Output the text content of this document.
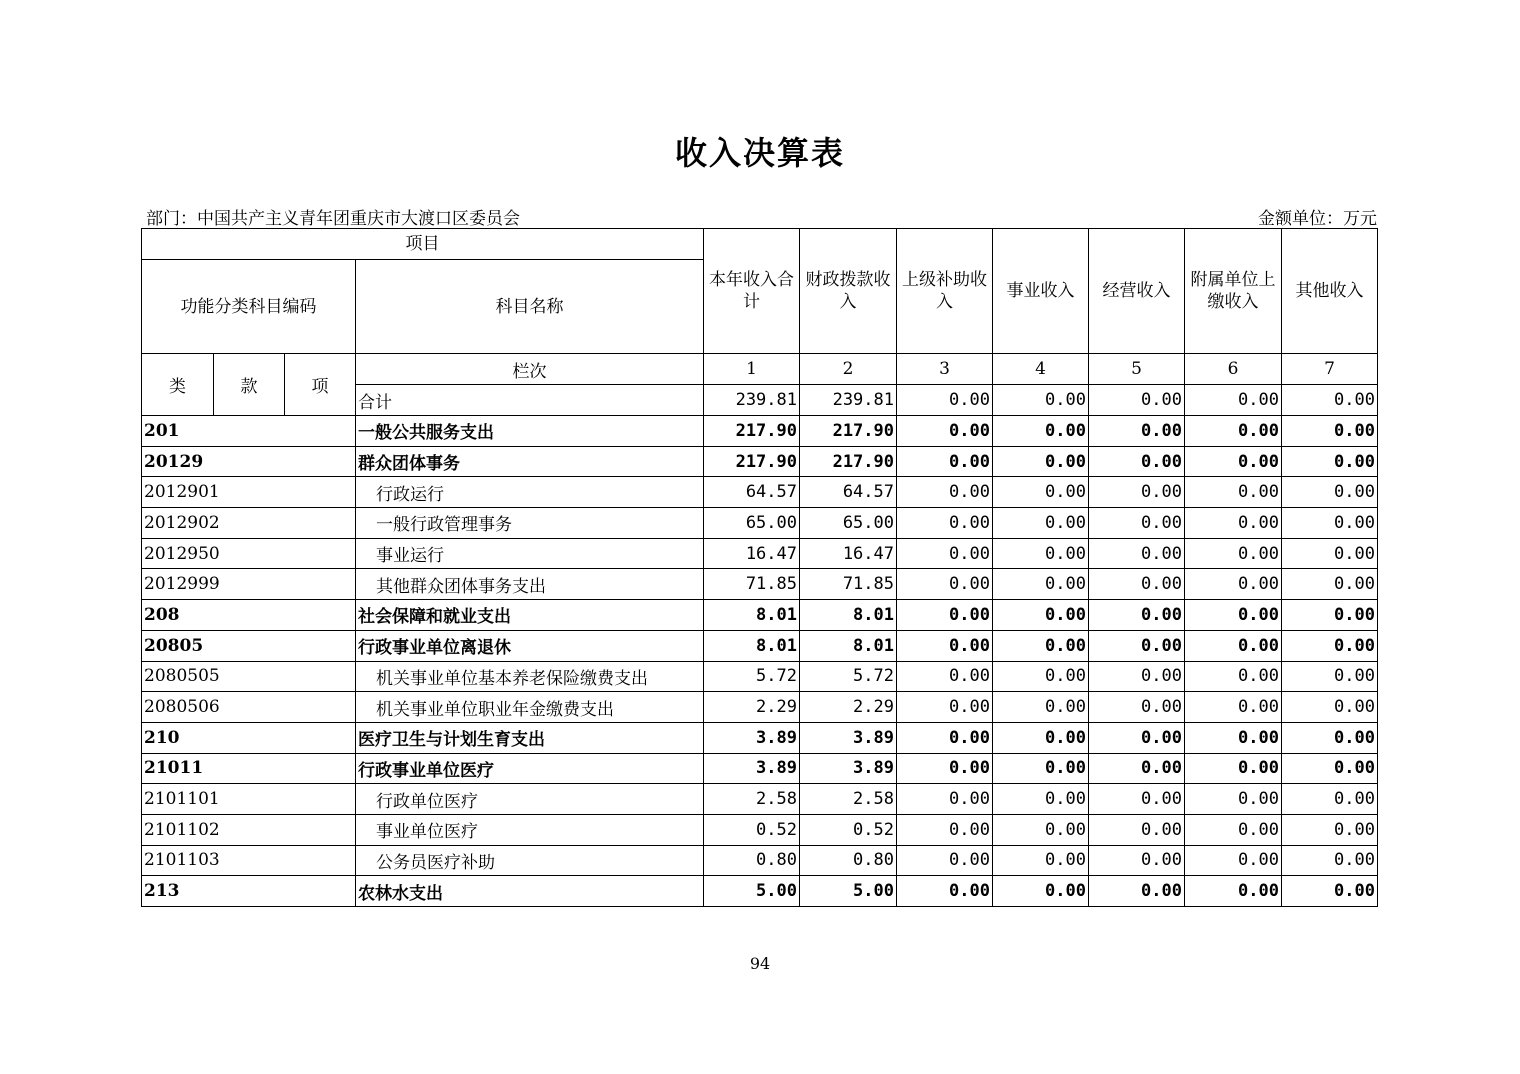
收入决算表
部门：中国共产主义青年团重庆市大渡口区委员会	金额单位：万元
项目				本年收入合计	财政拨款收入	上级补助收入	事业收入	经营收入	附属单位上缴收入	其他收入
功能分类科目编码			科目名称							
类	款	项	栏次	1	2	3	4	5	6	7
			合计	239.81	239.81	0.00	0.00	0.00	0.00	0.00
201			一般公共服务支出	217.90	217.90	0.00	0.00	0.00	0.00	0.00
20129			群众团体事务	217.90	217.90	0.00	0.00	0.00	0.00	0.00
2012901			行政运行	64.57	64.57	0.00	0.00	0.00	0.00	0.00
2012902			一般行政管理事务	65.00	65.00	0.00	0.00	0.00	0.00	0.00
2012950			事业运行	16.47	16.47	0.00	0.00	0.00	0.00	0.00
2012999			其他群众团体事务支出	71.85	71.85	0.00	0.00	0.00	0.00	0.00
208			社会保障和就业支出	8.01	8.01	0.00	0.00	0.00	0.00	0.00
20805			行政事业单位离退休	8.01	8.01	0.00	0.00	0.00	0.00	0.00
2080505			机关事业单位基本养老保险缴费支出	5.72	5.72	0.00	0.00	0.00	0.00	0.00
2080506			机关事业单位职业年金缴费支出	2.29	2.29	0.00	0.00	0.00	0.00	0.00
210			医疗卫生与计划生育支出	3.89	3.89	0.00	0.00	0.00	0.00	0.00
21011			行政事业单位医疗	3.89	3.89	0.00	0.00	0.00	0.00	0.00
2101101			行政单位医疗	2.58	2.58	0.00	0.00	0.00	0.00	0.00
2101102			事业单位医疗	0.52	0.52	0.00	0.00	0.00	0.00	0.00
2101103			公务员医疗补助	0.80	0.80	0.00	0.00	0.00	0.00	0.00
213			农林水支出	5.00	5.00	0.00	0.00	0.00	0.00	0.00
94
